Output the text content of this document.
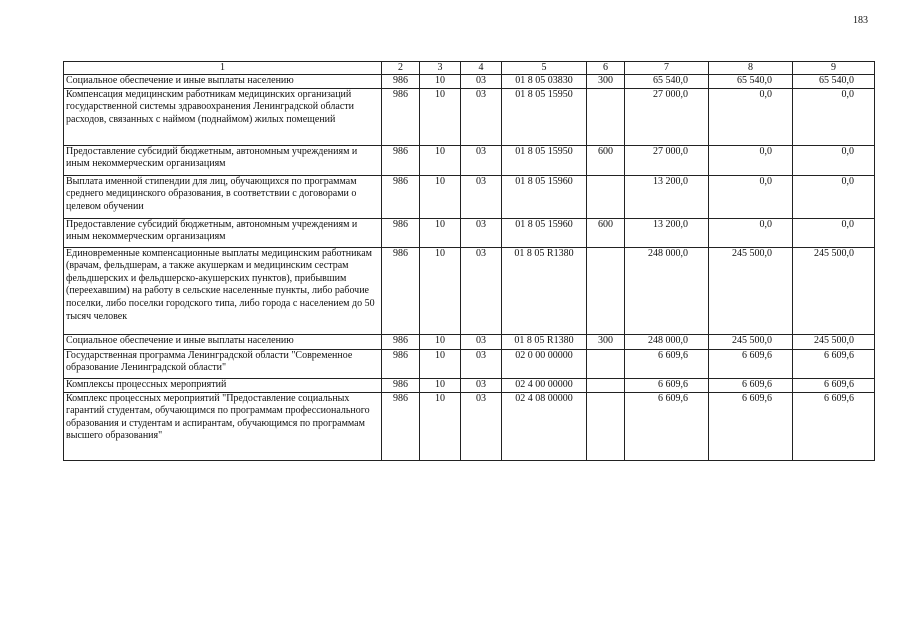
183
1	2	3	4	5	6	7	8	9
Социальное обеспечение и иные выплаты населению	986	10	03	01 8 05 03830	300	65 540,0	65 540,0	65 540,0
Компенсация медицинским работникам медицинских организаций государственной системы здравоохранения Ленинградской области расходов, связанных с наймом (поднаймом) жилых помещений	986	10	03	01 8 05 15950		27 000,0	0,0	0,0
Предоставление субсидий бюджетным, автономным учреждениям и иным некоммерческим организациям	986	10	03	01 8 05 15950	600	27 000,0	0,0	0,0
Выплата именной стипендии для лиц, обучающихся по программам среднего медицинского образования, в соответствии с договорами о целевом обучении	986	10	03	01 8 05 15960		13 200,0	0,0	0,0
Предоставление субсидий бюджетным, автономным учреждениям и иным некоммерческим организациям	986	10	03	01 8 05 15960	600	13 200,0	0,0	0,0
Единовременные компенсационные выплаты медицинским работникам (врачам, фельдшерам, а также акушеркам и медицинским сестрам фельдшерских и фельдшерско-акушерских пунктов), прибывшим (переехавшим) на работу в сельские населенные пункты, либо рабочие поселки, либо поселки городского типа, либо города с населением до 50 тысяч человек	986	10	03	01 8 05 R1380		248 000,0	245 500,0	245 500,0
Социальное обеспечение и иные выплаты населению	986	10	03	01 8 05 R1380	300	248 000,0	245 500,0	245 500,0
Государственная программа Ленинградской области "Современное образование Ленинградской области"	986	10	03	02 0 00 00000		6 609,6	6 609,6	6 609,6
Комплексы процессных мероприятий	986	10	03	02 4 00 00000		6 609,6	6 609,6	6 609,6
Комплекс процессных мероприятий "Предоставление социальных гарантий студентам, обучающимся по программам профессионального образования и студентам и аспирантам, обучающимся по программам высшего образования"	986	10	03	02 4 08 00000		6 609,6	6 609,6	6 609,6
